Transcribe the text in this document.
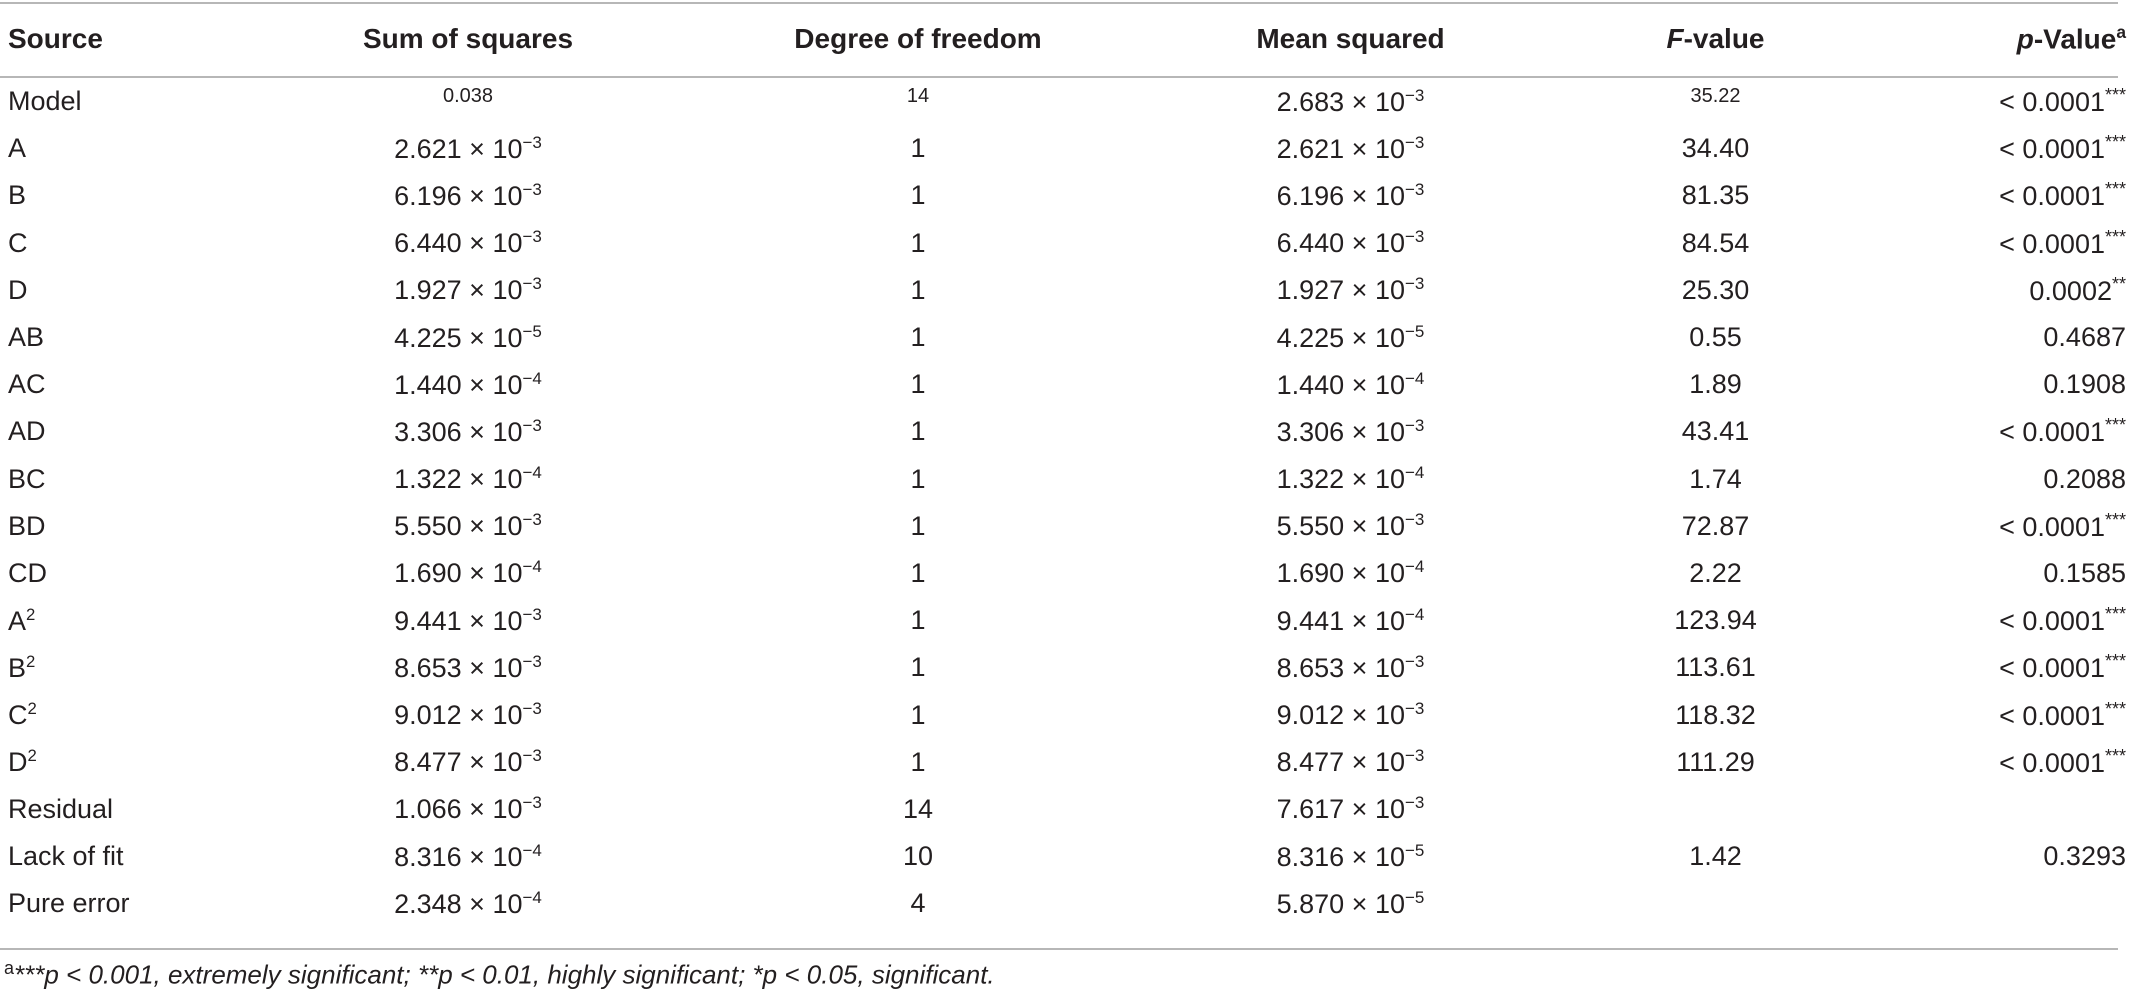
Source	Sum of squares	Degree of freedom	Mean squared	F-value	p-Value$^a$
Model	$^{0.038}$	$^{14}$	$2.683 \times 10^{-3}$	$^{35.22}$	< 0.0001***
A	$2.621 \times 10^{-3}$	1	$2.621 \times 10^{-3}$	34.40	< 0.0001***
B	$6.196 \times 10^{-3}$	1	$6.196 \times 10^{-3}$	81.35	< 0.0001***
C	$6.440 \times 10^{-3}$	1	$6.440 \times 10^{-3}$	84.54	< 0.0001***
D	$1.927 \times 10^{-3}$	1	$1.927 \times 10^{-3}$	25.30	0.0002**
AB	$4.225 \times 10^{-5}$	1	$4.225 \times 10^{-5}$	0.55	0.4687
AC	$1.440 \times 10^{-4}$	1	$1.440 \times 10^{-4}$	1.89	0.1908
AD	$3.306 \times 10^{-3}$	1	$3.306 \times 10^{-3}$	43.41	< 0.0001***
BC	$1.322 \times 10^{-4}$	1	$1.322 \times 10^{-4}$	1.74	0.2088
BD	$5.550 \times 10^{-3}$	1	$5.550 \times 10^{-3}$	72.87	< 0.0001***
CD	$1.690 \times 10^{-4}$	1	$1.690 \times 10^{-4}$	2.22	0.1585
$A^2$	$9.441 \times 10^{-3}$	1	$9.441 \times 10^{-4}$	123.94	< 0.0001***
$B^2$	$8.653 \times 10^{-3}$	1	$8.653 \times 10^{-3}$	113.61	< 0.0001***
$C^2$	$9.012 \times 10^{-3}$	1	$9.012 \times 10^{-3}$	118.32	< 0.0001***
$D^2$	$8.477 \times 10^{-3}$	1	$8.477 \times 10^{-3}$	111.29	< 0.0001***
Residual	$1.066 \times 10^{-3}$	14	$7.617 \times 10^{-3}$		
Lack of fit	$8.316 \times 10^{-4}$	10	$8.316 \times 10^{-5}$	1.42	0.3293
Pure error	$2.348 \times 10^{-4}$	4	$5.870 \times 10^{-5}$		
$^a$***p < 0.001, extremely significant; **p < 0.01, highly significant; *p < 0.05, significant.
